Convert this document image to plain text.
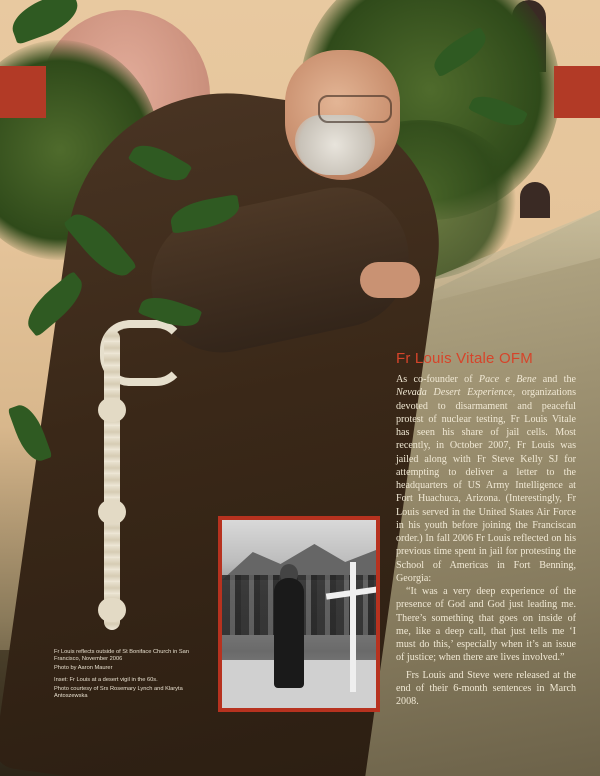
Fr Louis reflects outside of St Boniface Church in San Francisco, November 2006
Photo by Aaron Maurer
Inset: Fr Louis at a desert vigil in the 60s.
Photo courtesy of Srs Rosemary Lynch and Klaryta Antoszewska
Fr Louis Vitale OFM

As co-founder of Pace e Bene and the Nevada Desert Experience, organizations devoted to disarmament and peaceful protest of nuclear testing, Fr Louis Vitale has seen his share of jail cells. Most recently, in October 2007, Fr Louis was jailed along with Fr Steve Kelly SJ for attempting to deliver a letter to the headquarters of US Army Intelligence at Fort Huachuca, Arizona. (Interestingly, Fr Louis served in the United States Air Force in his youth before joining the Franciscan order.) In fall 2006 Fr Louis reflected on his previous time spent in jail for protesting the School of Americas in Fort Benning, Georgia:

“It was a very deep experience of the presence of God and God just leading me. There’s something that goes on inside of me, like a deep call, that just tells me ‘I must do this,’ especially when it’s an issue of justice; when there are lives involved.”

Frs Louis and Steve were released at the end of their 6-month sentences in March 2008.
